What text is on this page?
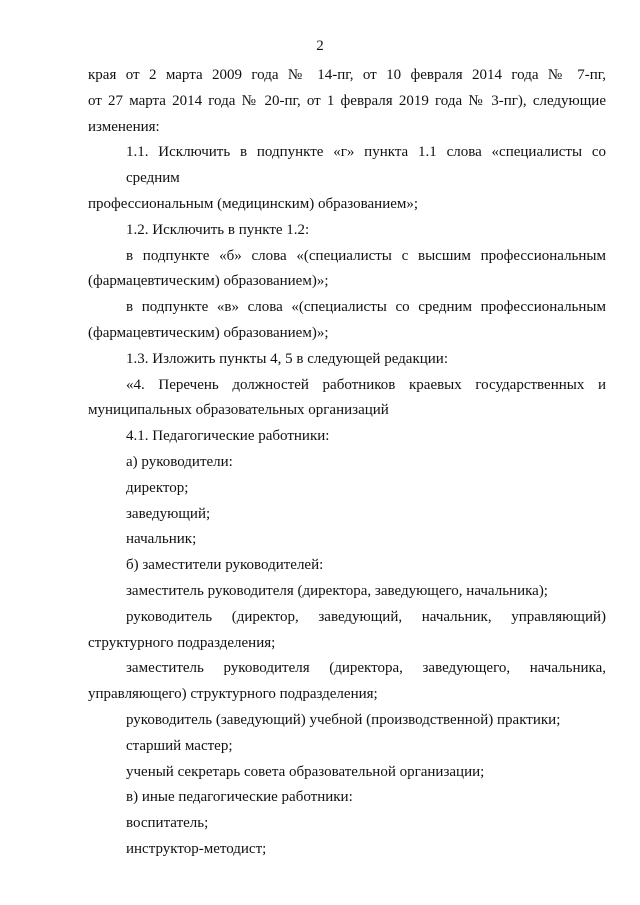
2
края от 2 марта 2009 года № 14-пг, от 10 февраля 2014 года № 7-пг,
от 27 марта 2014 года № 20-пг, от 1 февраля 2019 года № 3-пг), следующие
изменения:
1.1. Исключить в подпункте «г» пункта 1.1 слова «специалисты со средним
профессиональным (медицинским) образованием»;
1.2. Исключить в пункте 1.2:
в подпункте «б» слова «(специалисты с высшим профессиональным
(фармацевтическим) образованием)»;
в подпункте «в» слова «(специалисты со средним профессиональным
(фармацевтическим) образованием)»;
1.3. Изложить пункты 4, 5 в следующей редакции:
«4. Перечень должностей работников краевых государственных и
муниципальных образовательных организаций
4.1. Педагогические работники:
а) руководители:
директор;
заведующий;
начальник;
б) заместители руководителей:
заместитель руководителя (директора, заведующего, начальника);
руководитель (директор, заведующий, начальник, управляющий)
структурного подразделения;
заместитель руководителя (директора, заведующего, начальника,
управляющего) структурного подразделения;
руководитель (заведующий) учебной (производственной) практики;
старший мастер;
ученый секретарь совета образовательной организации;
в) иные педагогические работники:
воспитатель;
инструктор-методист;
